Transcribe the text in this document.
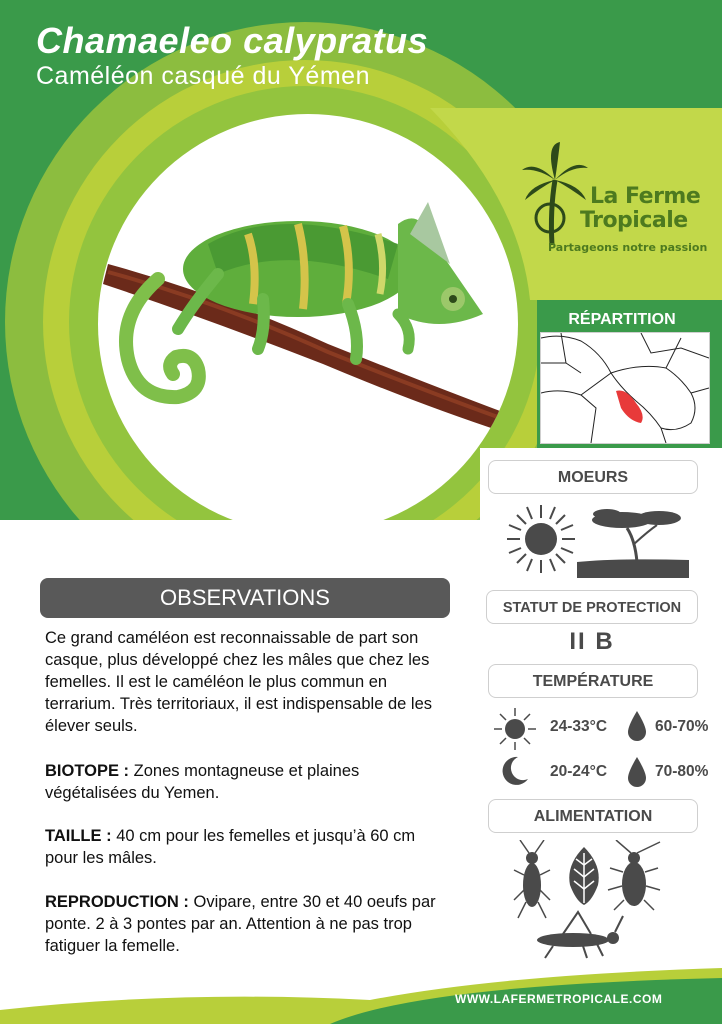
Chamaeleo calypratus
Caméléon casqué du Yémen
La Ferme
Tropicale
Partageons notre passion
RÉPARTITION
MOEURS
STATUT DE PROTECTION
II B
TEMPÉRATURE
24-33°C	60-70%
20-24°C	70-80%
ALIMENTATION
OBSERVATIONS
Ce grand caméléon est reconnaissable de part son casque, plus développé chez les mâles que chez les femelles. Il est le caméléon le plus commun en terrarium. Très territoriaux, il est indispensable de les élever seuls.
BIOTOPE : Zones montagneuse et plaines végétalisées du Yemen.
TAILLE : 40 cm pour les femelles et jusqu’à 60 cm pour les mâles.
REPRODUCTION : Ovipare, entre 30 et 40 oeufs par ponte. 2 à 3 pontes par an. Attention à ne pas trop fatiguer la femelle.
WWW.LAFERMETROPICALE.COM
